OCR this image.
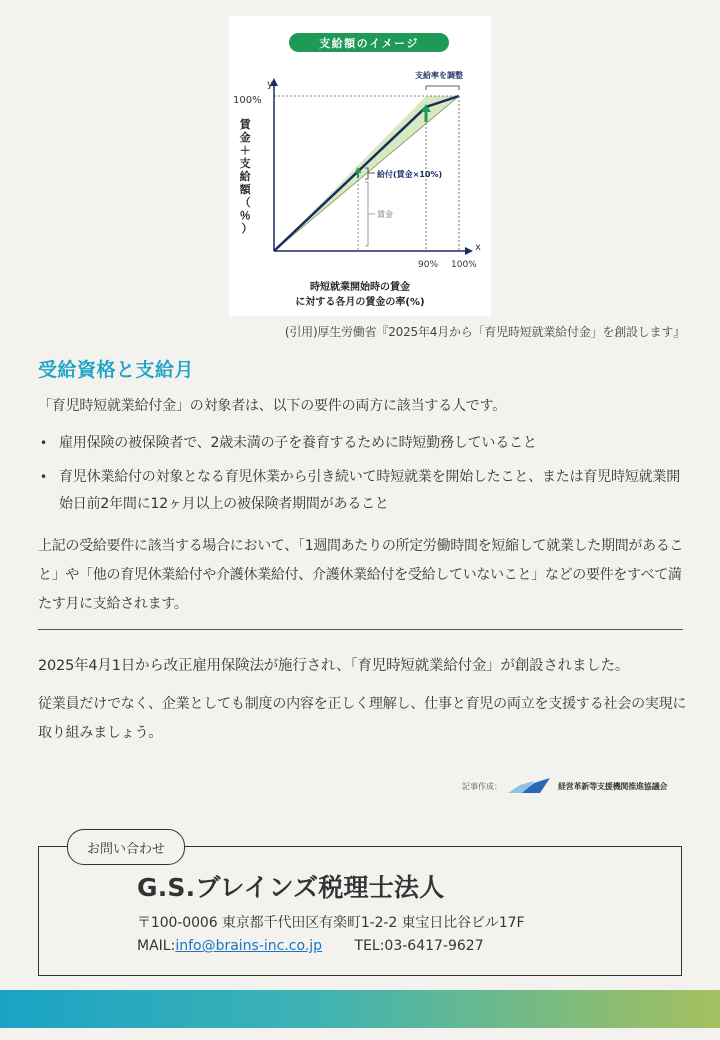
支給額のイメージ
y
x
100%
90% 100%
賃 金 ＋ 支 給 額 （ ％ ）
支給率を調整
給付(賃金×10%)
賃金
時短就業開始時の賃金
に対する各月の賃金の率(%)
(引用)厚生労働省『2025年4月から「育児時短就業給付金」を創設します』
受給資格と支給月
「育児時短就業給付金」の対象者は、以下の要件の両方に該当する人です。
• 雇用保険の被保険者で、2歳未満の子を養育するために時短勤務していること
• 育児休業給付の対象となる育児休業から引き続いて時短就業を開始したこと、または育児時短就業開始日前2年間に12ヶ月以上の被保険者期間があること
上記の受給要件に該当する場合において、「1週間あたりの所定労働時間を短縮して就業した期間があること」や「他の育児休業給付や介護休業給付、介護休業給付を受給していないこと」などの要件をすべて満たす月に支給されます。
2025年4月1日から改正雇用保険法が施行され、「育児時短就業給付金」が創設されました。
従業員だけでなく、企業としても制度の内容を正しく理解し、仕事と育児の両立を支援する社会の実現に取り組みましょう。
記事作成：	経営革新等支援機関推進協議会
お問い合わせ
G.S.ブレインズ税理士法人
〒100-0006 東京都千代田区有楽町1-2-2 東宝日比谷ビル17F
MAIL:info@brains-inc.co.jp TEL:03-6417-9627
